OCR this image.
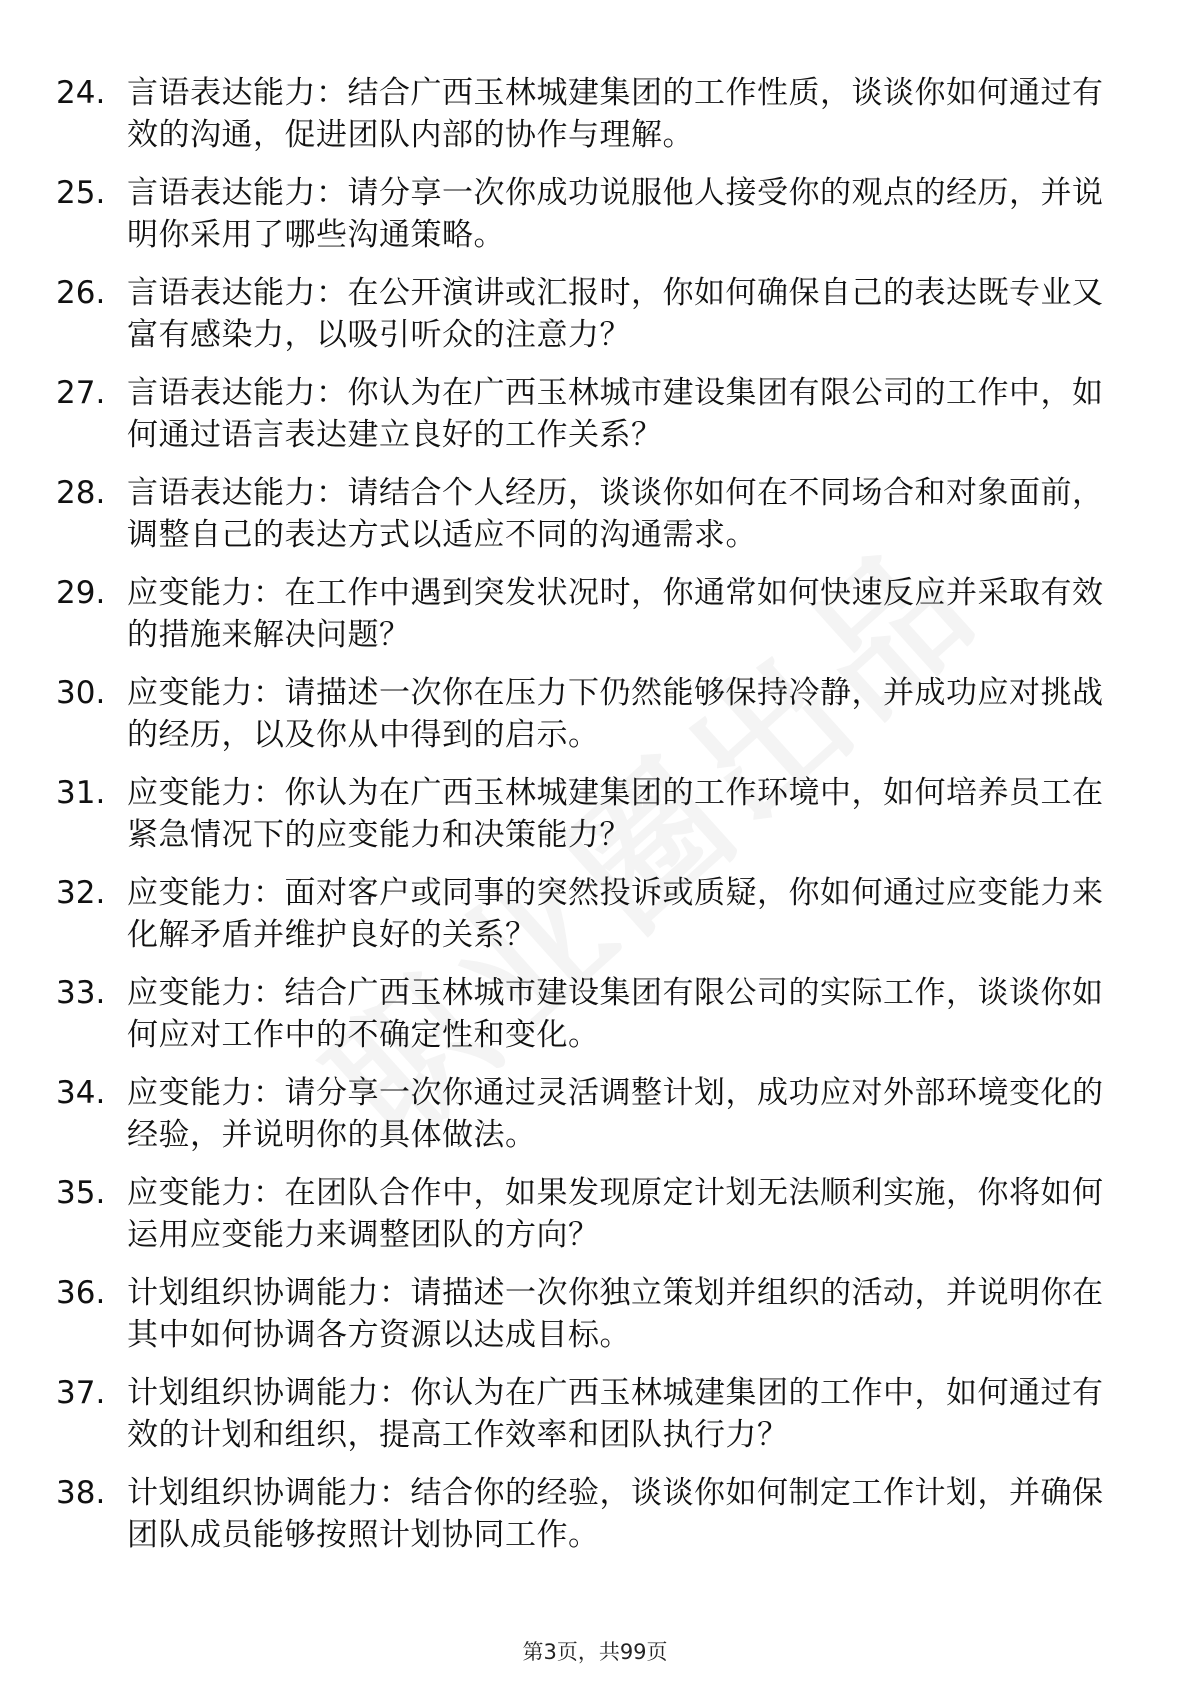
24. 言语表达能力：结合广西玉林城建集团的工作性质，谈谈你如何通过有效的沟通，促进团队内部的协作与理解。
25. 言语表达能力：请分享一次你成功说服他人接受你的观点的经历，并说明你采用了哪些沟通策略。
26. 言语表达能力：在公开演讲或汇报时，你如何确保自己的表达既专业又富有感染力，以吸引听众的注意力？
27. 言语表达能力：你认为在广西玉林城市建设集团有限公司的工作中，如何通过语言表达建立良好的工作关系？
28. 言语表达能力：请结合个人经历，谈谈你如何在不同场合和对象面前，调整自己的表达方式以适应不同的沟通需求。
29. 应变能力：在工作中遇到突发状况时，你通常如何快速反应并采取有效的措施来解决问题？
30. 应变能力：请描述一次你在压力下仍然能够保持冷静，并成功应对挑战的经历，以及你从中得到的启示。
31. 应变能力：你认为在广西玉林城建集团的工作环境中，如何培养员工在紧急情况下的应变能力和决策能力？
32. 应变能力：面对客户或同事的突然投诉或质疑，你如何通过应变能力来化解矛盾并维护良好的关系？
33. 应变能力：结合广西玉林城市建设集团有限公司的实际工作，谈谈你如何应对工作中的不确定性和变化。
34. 应变能力：请分享一次你通过灵活调整计划，成功应对外部环境变化的经验，并说明你的具体做法。
35. 应变能力：在团队合作中，如果发现原定计划无法顺利实施，你将如何运用应变能力来调整团队的方向？
36. 计划组织协调能力：请描述一次你独立策划并组织的活动，并说明你在其中如何协调各方资源以达成目标。
37. 计划组织协调能力：你认为在广西玉林城建集团的工作中，如何通过有效的计划和组织，提高工作效率和团队执行力？
38. 计划组织协调能力：结合你的经验，谈谈你如何制定工作计划，并确保团队成员能够按照计划协同工作。
第3页，共99页
